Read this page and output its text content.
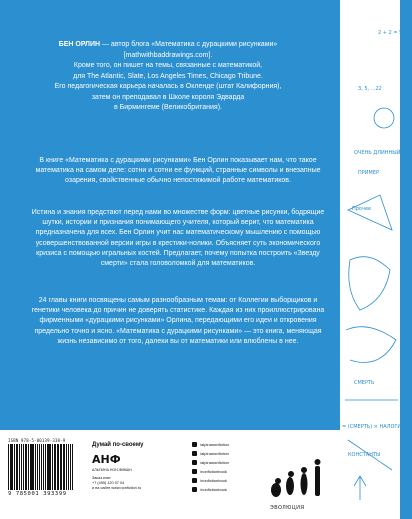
2 + 2 = 5
3, 5, ...22
ОЧЕНЬ ДЛИННЫЙ
ПРИМЕР
Прочее
СМЕРТЬ
= (СМЕРТЬ) × НАЛОГИ + Э
КОНСТАНТЫ
БЕН ОРЛИН — автор блога «Математика с дурацкими рисунками»
[mathwithbaddrawings.com].
Кроме того, он пишет на темы, связанные с математикой,
для The Atlantic, Slate, Los Angeles Times, Chicago Tribune.
Его педагогическая карьера началась в Окленде (штат Калифорния),
затем он преподавал в Школе короля Эдварда
в Бирмингеме (Великобритания).
В книге «Математика с дурацкими рисунками» Бен Орлин показывает нам, что такое математика на самом деле: сотни и сотни ее функций, странные символы и внезапные озарения, свойственные обычно непостижимой работе математиков.
Истина и знания предстают перед нами во множестве форм: цветные рисунки, бодрящие шутки, истории и признания понимающего учителя, который верит, что математика предназначена для всех. Бен Орлин учит нас математическому мышлению с помощью усовершенствованной версии игры в крестики-нолики. Объясняет суть экономического кризиса с помощью игральных костей. Предлагает, почему попытка построить «Звезду смерти» стала головоломкой для математиков.
24 главы книги посвящены самым разнообразным темам: от Коллегии выборщиков и генетики человека до причин не доверять статистике. Каждая из них проиллюстрирована фирменными «дурацкими рисунками» Орлина, передающими его идеи и откровения предельно точно и ясно. «Математика с дурацкими рисунками» — это книга, меняющая жизнь независимо от того, далеки вы от математики или влюблены в нее.
ISBN 978-5-00139-338-9
9 785001 393399
Думай по-своему
АНФ
АЛЬПИНА НОН-ФИКШН
Заказ книг:
+7 (495) 120 07 04
и на сайте www.nonfiction.ru
/alpinanonfiction
/alpinanonfiction
/alpinanonfiction
/nonfictionbook
/nonfictionbook
/nonfictionbook
ЭВОЛЮЦИЯ
